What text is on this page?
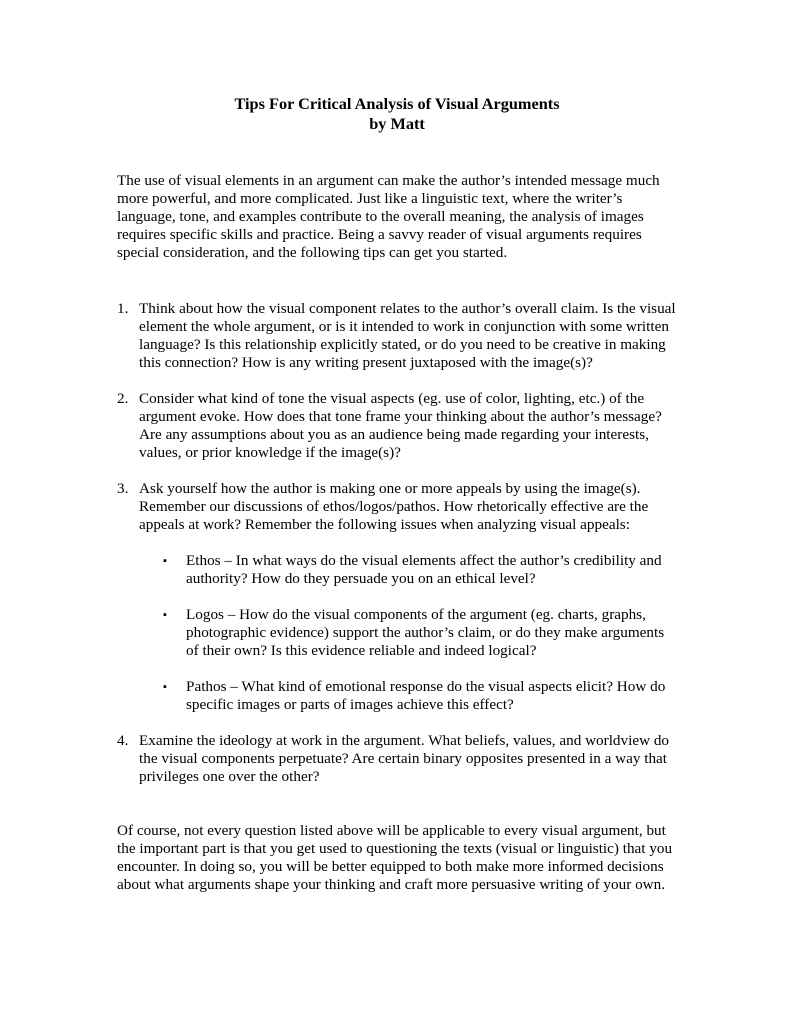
Tips For Critical Analysis of Visual Arguments
by Matt

The use of visual elements in an argument can make the author’s intended message much more powerful, and more complicated. Just like a linguistic text, where the writer’s language, tone, and examples contribute to the overall meaning, the analysis of images requires specific skills and practice. Being a savvy reader of visual arguments requires special consideration, and the following tips can get you started.

1. Think about how the visual component relates to the author’s overall claim. Is the visual element the whole argument, or is it intended to work in conjunction with some written language? Is this relationship explicitly stated, or do you need to be creative in making this connection? How is any writing present juxtaposed with the image(s)?
2. Consider what kind of tone the visual aspects (eg. use of color, lighting, etc.) of the argument evoke. How does that tone frame your thinking about the author’s message? Are any assumptions about you as an audience being made regarding your interests, values, or prior knowledge if the image(s)?
3. Ask yourself how the author is making one or more appeals by using the image(s). Remember our discussions of ethos/logos/pathos. How rhetorically effective are the appeals at work? Remember the following issues when analyzing visual appeals:
▪ Ethos – In what ways do the visual elements affect the author’s credibility and authority? How do they persuade you on an ethical level?
▪ Logos – How do the visual components of the argument (eg. charts, graphs, photographic evidence) support the author’s claim, or do they make arguments of their own? Is this evidence reliable and indeed logical?
▪ Pathos – What kind of emotional response do the visual aspects elicit? How do specific images or parts of images achieve this effect?
4. Examine the ideology at work in the argument. What beliefs, values, and worldview do the visual components perpetuate? Are certain binary opposites presented in a way that privileges one over the other?

Of course, not every question listed above will be applicable to every visual argument, but the important part is that you get used to questioning the texts (visual or linguistic) that you encounter. In doing so, you will be better equipped to both make more informed decisions about what arguments shape your thinking and craft more persuasive writing of your own.
